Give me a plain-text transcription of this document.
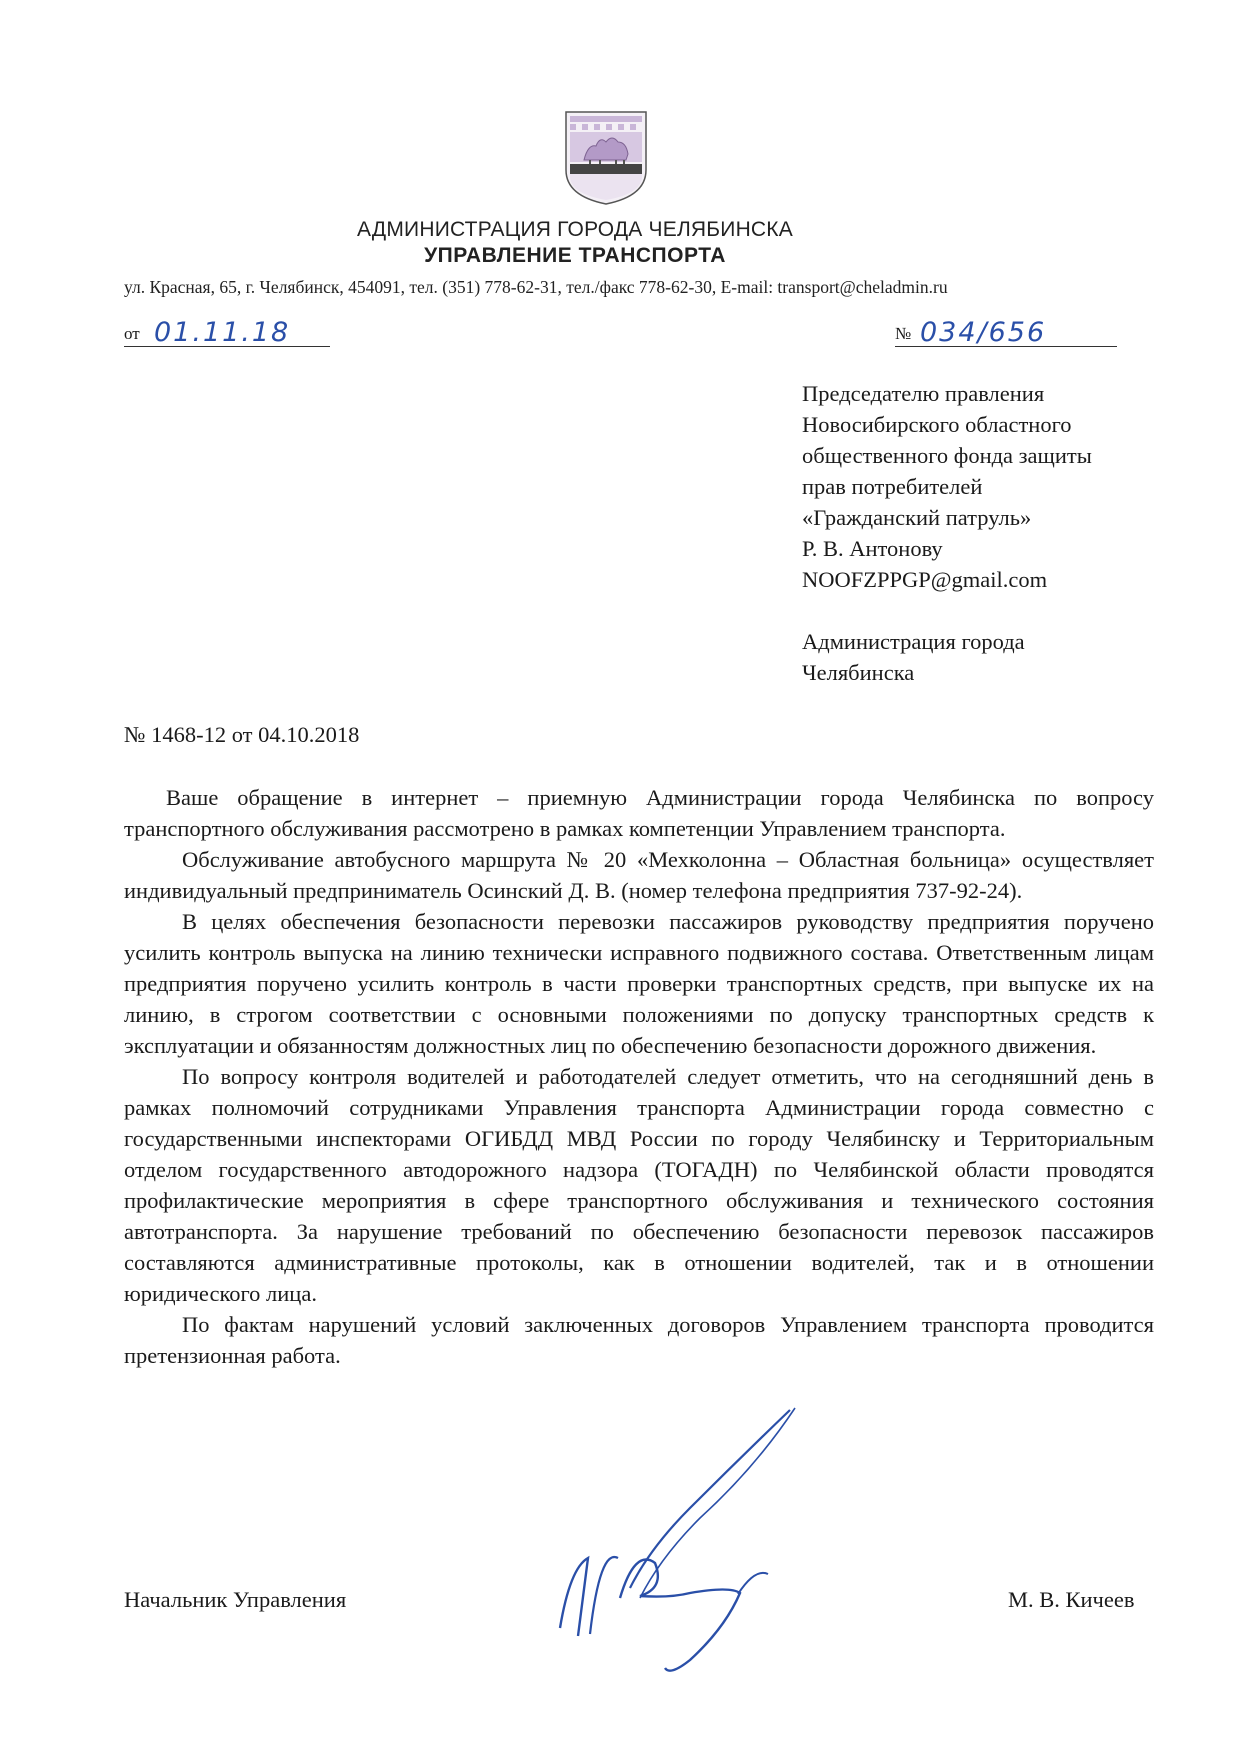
АДМИНИСТРАЦИЯ ГОРОДА ЧЕЛЯБИНСКА
УПРАВЛЕНИЕ ТРАНСПОРТА
ул. Красная, 65, г. Челябинск, 454091, тел. (351) 778-62-31, тел./факс 778-62-30, E-mail: transport@cheladmin.ru
от 01.11.18	№ 034/656
Председателю правления
Новосибирского областного
общественного фонда защиты
прав потребителей
«Гражданский патруль»
Р. В. Антонову
NOOFZPPGP@gmail.com
Администрация города
Челябинска
№ 1468-12 от 04.10.2018

Ваше обращение в интернет – приемную Администрации города Челябинска по вопросу транспортного обслуживания рассмотрено в рамках компетенции Управлением транспорта.

Обслуживание автобусного маршрута № 20 «Мехколонна – Областная больница» осуществляет индивидуальный предприниматель Осинский Д. В. (номер телефона предприятия 737-92-24).

В целях обеспечения безопасности перевозки пассажиров руководству предприятия поручено усилить контроль выпуска на линию технически исправного подвижного состава. Ответственным лицам предприятия поручено усилить контроль в части проверки транспортных средств, при выпуске их на линию, в строгом соответствии с основными положениями по допуску транспортных средств к эксплуатации и обязанностям должностных лиц по обеспечению безопасности дорожного движения.

По вопросу контроля водителей и работодателей следует отметить, что на сегодняшний день в рамках полномочий сотрудниками Управления транспорта Администрации города совместно с государственными инспекторами ОГИБДД МВД России по городу Челябинску и Территориальным отделом государственного автодорожного надзора (ТОГАДН) по Челябинской области проводятся профилактические мероприятия в сфере транспортного обслуживания и технического состояния автотранспорта. За нарушение требований по обеспечению безопасности перевозок пассажиров составляются административные протоколы, как в отношении водителей, так и в отношении юридического лица.

По фактам нарушений условий заключенных договоров Управлением транспорта проводится претензионная работа.

Начальник Управления	М. В. Кичеев
